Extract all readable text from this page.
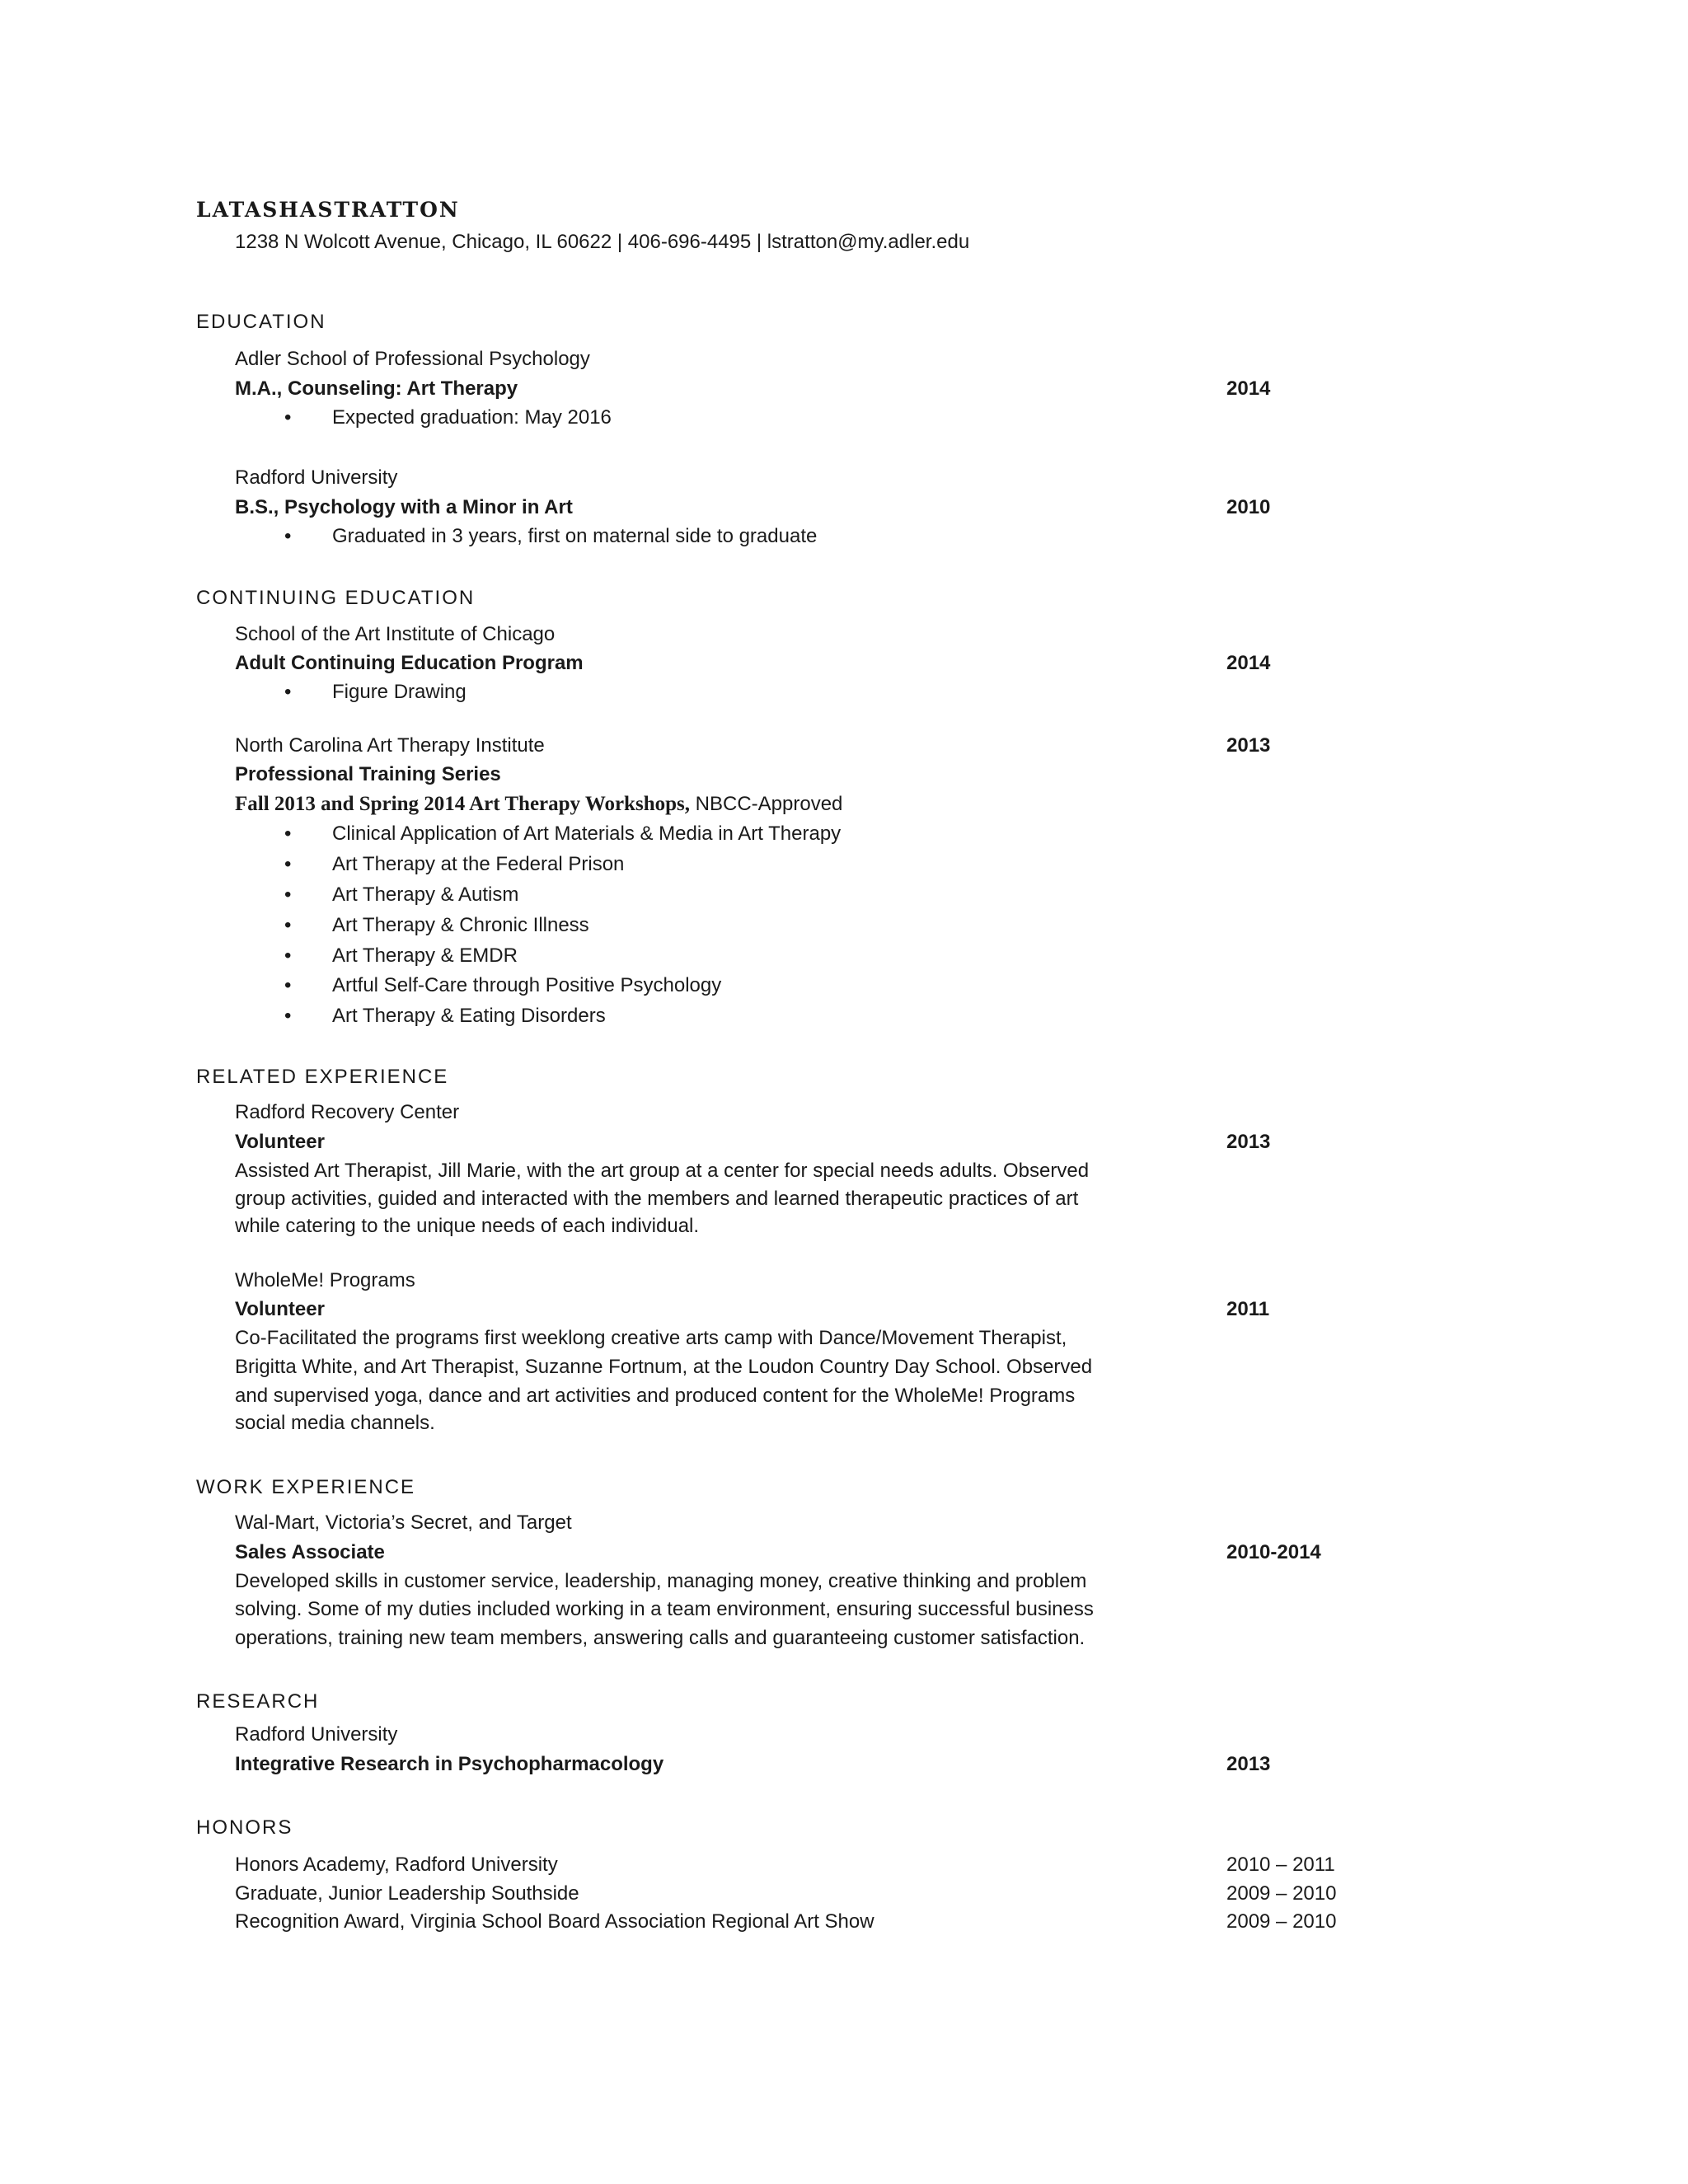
LATASHASTRATTON
1238 N Wolcott Avenue, Chicago, IL 60622 | 406-696-4495 | lstratton@my.adler.edu
EDUCATION
Adler School of Professional Psychology
M.A., Counseling: Art Therapy	2014
• Expected graduation: May 2016
Radford University
B.S., Psychology with a Minor in Art	2010
• Graduated in 3 years, first on maternal side to graduate
CONTINUING EDUCATION
School of the Art Institute of Chicago
Adult Continuing Education Program	2014
• Figure Drawing
North Carolina Art Therapy Institute	2013
Professional Training Series
Fall 2013 and Spring 2014 Art Therapy Workshops, NBCC-Approved
• Clinical Application of Art Materials & Media in Art Therapy
• Art Therapy at the Federal Prison
• Art Therapy & Autism
• Art Therapy & Chronic Illness
• Art Therapy & EMDR
• Artful Self-Care through Positive Psychology
• Art Therapy & Eating Disorders
RELATED EXPERIENCE
Radford Recovery Center
Volunteer	2013
Assisted Art Therapist, Jill Marie, with the art group at a center for special needs adults. Observed
group activities, guided and interacted with the members and learned therapeutic practices of art
while catering to the unique needs of each individual.
WholeMe! Programs
Volunteer	2011
Co-Facilitated the programs first weeklong creative arts camp with Dance/Movement Therapist,
Brigitta White, and Art Therapist, Suzanne Fortnum, at the Loudon Country Day School. Observed
and supervised yoga, dance and art activities and produced content for the WholeMe! Programs
social media channels.
WORK EXPERIENCE
Wal-Mart, Victoria’s Secret, and Target
Sales Associate	2010-2014
Developed skills in customer service, leadership, managing money, creative thinking and problem
solving. Some of my duties included working in a team environment, ensuring successful business
operations, training new team members, answering calls and guaranteeing customer satisfaction.
RESEARCH
Radford University
Integrative Research in Psychopharmacology	2013
HONORS
Honors Academy, Radford University	2010 – 2011
Graduate, Junior Leadership Southside	2009 – 2010
Recognition Award, Virginia School Board Association Regional Art Show	2009 – 2010
